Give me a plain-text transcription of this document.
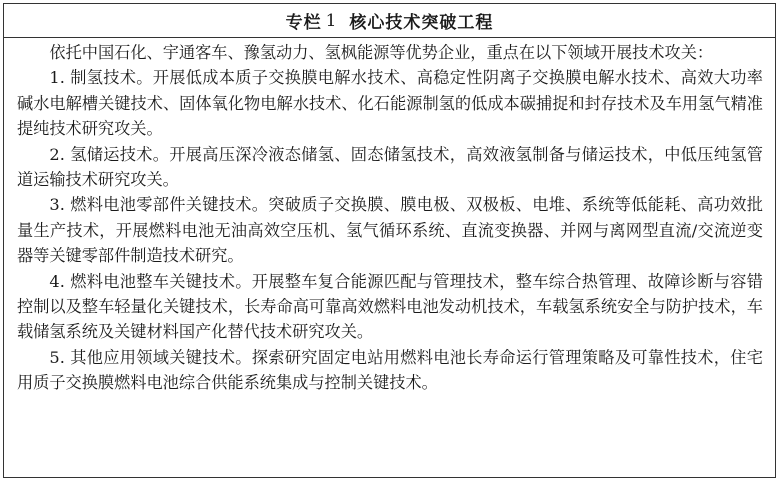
专栏 1 核心技术突破工程

依托中国石化、宇通客车、豫氢动力、氢枫能源等优势企业，重点在以下领域开展技术攻关：

1. 制氢技术。开展低成本质子交换膜电解水技术、高稳定性阴离子交换膜电解水技术、高效大功率碱水电解槽关键技术、固体氧化物电解水技术、化石能源制氢的低成本碳捕捉和封存技术及车用氢气精准提纯技术研究攻关。

2. 氢储运技术。开展高压深冷液态储氢、固态储氢技术，高效液氢制备与储运技术，中低压纯氢管道运输技术研究攻关。

3. 燃料电池零部件关键技术。突破质子交换膜、膜电极、双极板、电堆、系统等低能耗、高功效批量生产技术，开展燃料电池无油高效空压机、氢气循环系统、直流变换器、并网与离网型直流/交流逆变器等关键零部件制造技术研究。

4. 燃料电池整车关键技术。开展整车复合能源匹配与管理技术，整车综合热管理、故障诊断与容错控制以及整车轻量化关键技术，长寿命高可靠高效燃料电池发动机技术，车载氢系统安全与防护技术，车载储氢系统及关键材料国产化替代技术研究攻关。

5. 其他应用领域关键技术。探索研究固定电站用燃料电池长寿命运行管理策略及可靠性技术，住宅用质子交换膜燃料电池综合供能系统集成与控制关键技术。
